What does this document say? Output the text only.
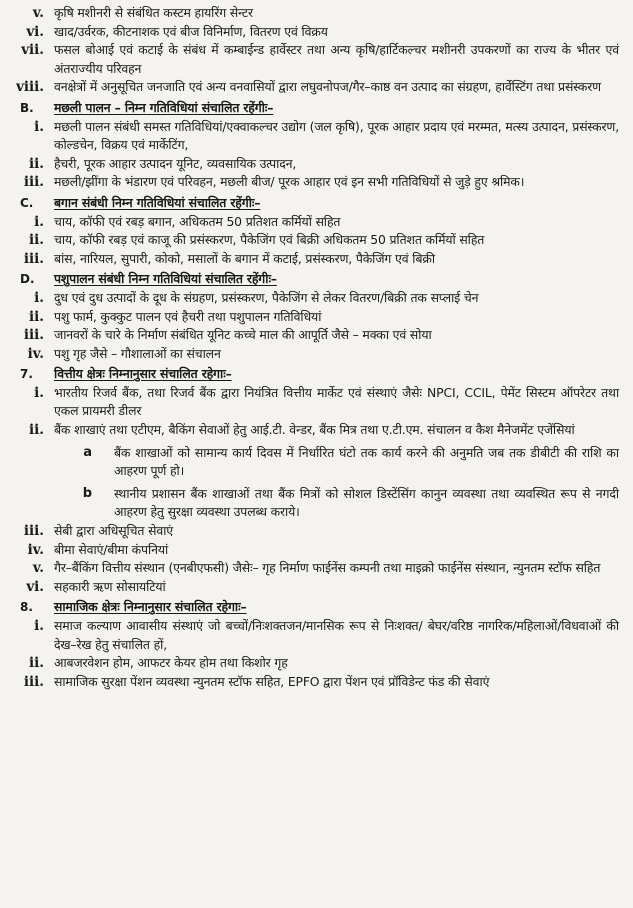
v. कृषि मशीनरी से संबंधित कस्टम हायरिंग सेन्टर
vi. खाद/उर्वरक, कीटनाशक एवं बीज विनिर्माण, वितरण एवं विक्रय
vii. फसल बोआई एवं कटाई के संबंध में कम्बाईन्ड हार्वेस्टर तथा अन्य कृषि/हार्टिकल्चर मशीनरी उपकरणों का राज्य के भीतर एवं अंतराज्यीय परिवहन
viii. वनक्षेत्रों में अनुसूचित जनजाति एवं अन्य वनवासियों द्वारा लघुवनोपज/गैर–काष्ठ वन उत्पाद का संग्रहण, हार्वेस्टिंग तथा प्रसंस्करण
B.	मछली पालन – निम्न गतिविधियां संचालित रहेंगीः–
i. मछली पालन संबंधी समस्त गतिविधियां/एक्वाकल्चर उद्योग (जल कृषि), पूरक आहार प्रदाय एवं मरम्मत, मत्स्य उत्पादन, प्रसंस्करण, कोल्डचेन, विक्रय एवं मार्केटिंग,
ii. हैचरी, पूरक आहार उत्पादन यूनिट, व्यवसायिक उत्पादन,
iii. मछली/झींगा के भंडारण एवं परिवहन, मछली बीज/ पूरक आहार एवं इन सभी गतिविधियों से जुड़े हुए श्रमिक।
C.	बगान संबंधी निम्न गतिविधियां संचालित रहेंगीः–
i. चाय, कॉफी एवं रबड़ बगान, अधिकतम 50 प्रतिशत कर्मियों सहित
ii. चाय, कॉफी रबड़ एवं काजू की प्रसंस्करण, पैकेजिंग एवं बिक्री अधिकतम 50 प्रतिशत कर्मियों सहित
iii. बांस, नारियल, सुपारी, कोको, मसालों के बगान में कटाई, प्रसंस्करण, पैकेजिंग एवं बिक्री
D.	पशुपालन संबंधी निम्न गतिविधियां संचालित रहेंगीः–
i. दुध एवं दुध उत्पादों के दूध के संग्रहण, प्रसंस्करण, पैकेजिंग से लेकर वितरण/बिक्री तक सप्लाई चेन
ii. पशु फार्म, कुक्कुट पालन एवं हैचरी तथा पशुपालन गतिविधियां
iii. जानवरों के चारे के निर्माण संबंधित यूनिट कच्चे माल की आपूर्ति जैसे – मक्का एवं सोया
iv. पशु गृह जैसे – गौशालाओं का संचालन
7.	वित्तीय क्षेत्रः निम्नानुसार संचालित रहेगाः–
i. भारतीय रिजर्व बैंक, तथा रिजर्व बैंक द्वारा नियंत्रित वित्तीय मार्केट एवं संस्थाएं जैसेः NPCI, CCIL, पेमेंट सिस्टम ऑपरेटर तथा एकल प्रायमरी डीलर
ii. बैंक शाखाएं तथा एटीएम, बैकिंग सेवाओं हेतु आई.टी. वेन्डर, बैंक मित्र तथा ए.टी.एम. संचालन व कैश मैनेजमेंट एजेंसियां
a	बैंक शाखाओं को सामान्य कार्य दिवस में निर्धारित घंटो तक कार्य करने की अनुमति जब तक डीबीटी की राशि का आहरण पूर्ण हो।
b	स्थानीय प्रशासन बैंक शाखाओं तथा बैंक मित्रों को सोशल डिस्टेंसिंग कानुन व्यवस्था तथा व्यवस्थित रूप से नगदी आहरण हेतु सुरक्षा व्यवस्था उपलब्ध कराये।
iii. सेबी द्वारा अधिसूचित सेवाएं
iv. बीमा सेवाएं/बीमा कंपनियां
v. गैर–बैंकिंग वित्तीय संस्थान (एनबीएफसी) जैसेः– गृह निर्माण फाईनेंस कम्पनी तथा माइक्रो फाईनेंस संस्थान, न्युनतम स्टॉफ सहित
vi. सहकारी ऋण सोसायटियां
8.	सामाजिक क्षेत्रः निम्नानुसार संचालित रहेगाः–
i. समाज कल्याण आवासीय संस्थाएं जो बच्चों/निःशक्तजन/मानसिक रूप से निःशक्त/ बेघर/वरिष्ठ नागरिक/महिलाओं/विधवाओं की देख–रेख हेतु संचालित हों,
ii. आबजरवेशन होम, आफटर केयर होम तथा किशोर गृह
iii. सामाजिक सुरक्षा पेंशन व्यवस्था न्युनतम स्टॉफ सहित, EPFO द्वारा पेंशन एवं प्रॉविडेन्ट फंड की सेवाएं
